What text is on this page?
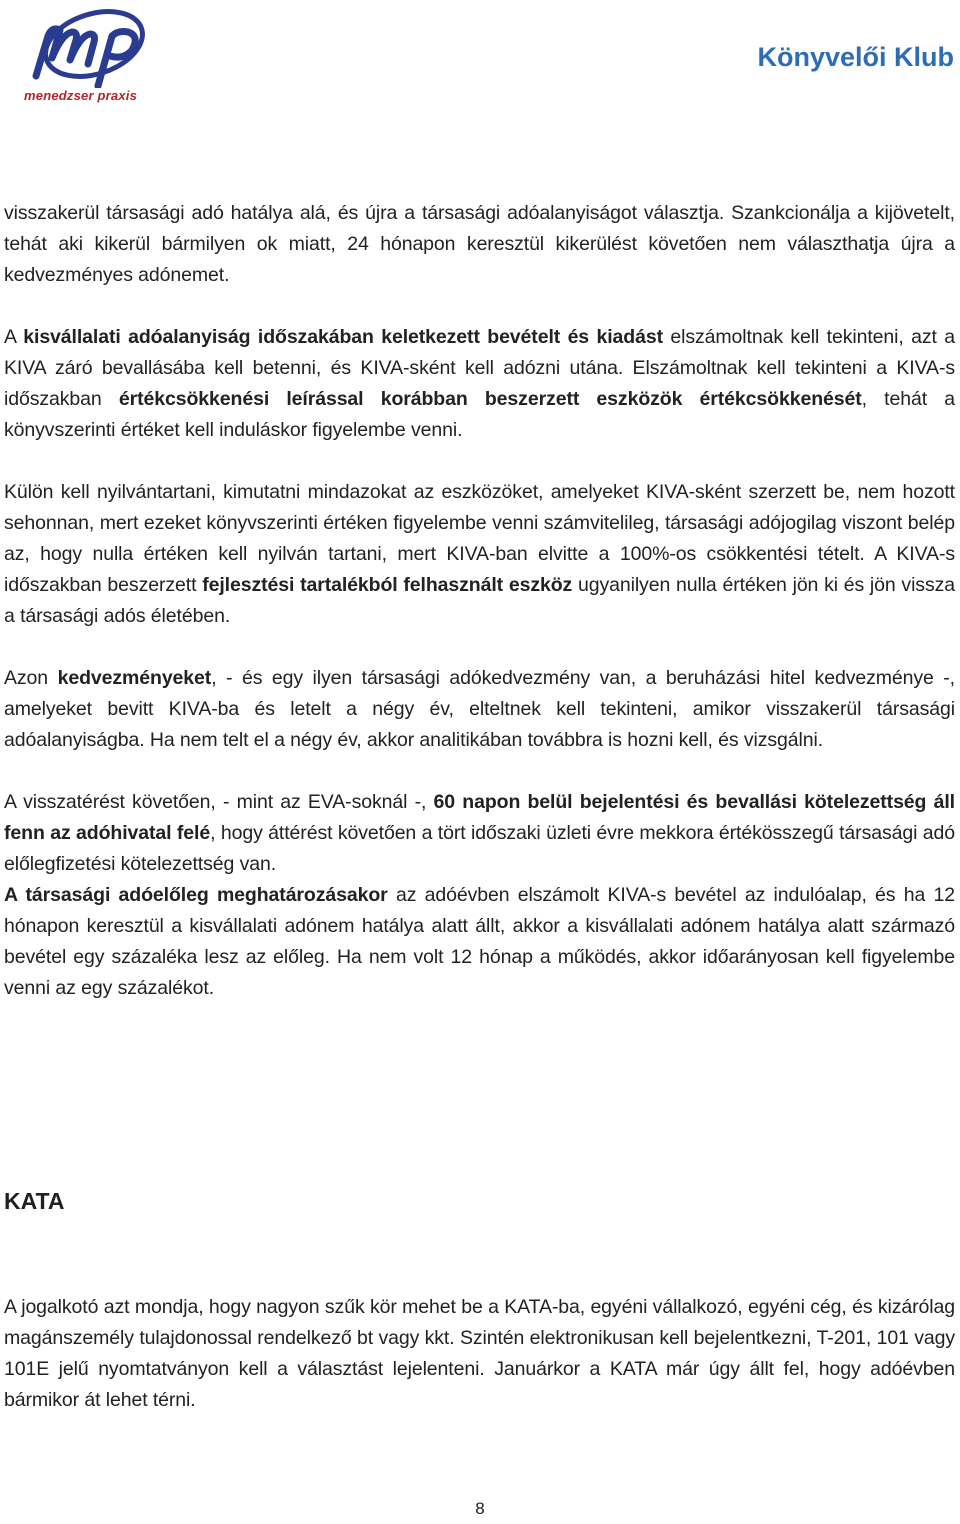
menedzser praxis
Könyvelői Klub

visszakerül társasági adó hatálya alá, és újra a társasági adóalanyiságot választja. Szankcionálja a kijövetelt, tehát aki kikerül bármilyen ok miatt, 24 hónapon keresztül kikerülést követően nem választhatja újra a kedvezményes adónemet.

A kisvállalati adóalanyiság időszakában keletkezett bevételt és kiadást elszámoltnak kell tekinteni, azt a KIVA záró bevallásába kell betenni, és KIVA-sként kell adózni utána. Elszámoltnak kell tekinteni a KIVA-s időszakban értékcsökkenési leírással korábban beszerzett eszközök értékcsökkenését, tehát a könyvszerinti értéket kell induláskor figyelembe venni.

Külön kell nyilvántartani, kimutatni mindazokat az eszközöket, amelyeket KIVA-sként szerzett be, nem hozott sehonnan, mert ezeket könyvszerinti értéken figyelembe venni számvitelileg, társasági adójogilag viszont belép az, hogy nulla értéken kell nyilván tartani, mert KIVA-ban elvitte a 100%-os csökkentési tételt. A KIVA-s időszakban beszerzett fejlesztési tartalékból felhasznált eszköz ugyanilyen nulla értéken jön ki és jön vissza a társasági adós életében.

Azon kedvezményeket, - és egy ilyen társasági adókedvezmény van, a beruházási hitel kedvezménye -, amelyeket bevitt KIVA-ba és letelt a négy év, elteltnek kell tekinteni, amikor visszakerül társasági adóalanyiságba. Ha nem telt el a négy év, akkor analitikában továbbra is hozni kell, és vizsgálni.

A visszatérést követően, - mint az EVA-soknál -, 60 napon belül bejelentési és bevallási kötelezettség áll fenn az adóhivatal felé, hogy áttérést követően a tört időszaki üzleti évre mekkora értékösszegű társasági adó előlegfizetési kötelezettség van.

A társasági adóelőleg meghatározásakor az adóévben elszámolt KIVA-s bevétel az indulóalap, és ha 12 hónapon keresztül a kisvállalati adónem hatálya alatt állt, akkor a kisvállalati adónem hatálya alatt származó bevétel egy százaléka lesz az előleg. Ha nem volt 12 hónap a működés, akkor időarányosan kell figyelembe venni az egy százalékot.

KATA

A jogalkotó azt mondja, hogy nagyon szűk kör mehet be a KATA-ba, egyéni vállalkozó, egyéni cég, és kizárólag magánszemély tulajdonossal rendelkező bt vagy kkt. Szintén elektronikusan kell bejelentkezni, T-201, 101 vagy 101E jelű nyomtatványon kell a választást lejelenteni. Januárkor a KATA már úgy állt fel, hogy adóévben bármikor át lehet térni.

8
